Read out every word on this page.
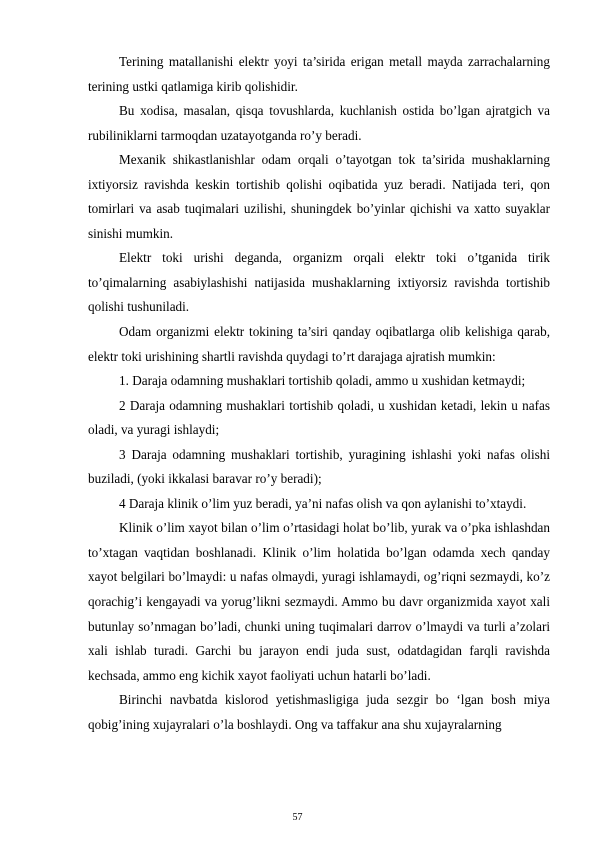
Terining matallanishi elektr yoyi ta’sirida erigan metall mayda zarrachalarning terining ustki qatlamiga kirib qolishidir.

Bu xodisa, masalan, qisqa tovushlarda, kuchlanish ostida bo’lgan ajratgich va rubiliniklarni tarmoqdan uzatayotganda ro’y beradi.

Mexanik shikastlanishlar odam orqali o’tayotgan tok ta’sirida mushaklarning ixtiyorsiz ravishda keskin tortishib qolishi oqibatida yuz beradi. Natijada teri, qon tomirlari va asab tuqimalari uzilishi, shuningdek bo’yinlar qichishi va xatto suyaklar sinishi mumkin.

Elektr toki urishi deganda, organizm orqali elektr toki o’tganida tirik to’qimalarning asabiylashishi natijasida mushaklarning ixtiyorsiz ravishda tortishib qolishi tushuniladi.

Odam organizmi elektr tokining ta’siri qanday oqibatlarga olib kelishiga qarab, elektr toki urishining shartli ravishda quydagi to’rt darajaga ajratish mumkin:

1. Daraja odamning mushaklari tortishib qoladi, ammo u xushidan ketmaydi;

2 Daraja odamning mushaklari tortishib qoladi, u xushidan ketadi, lekin u nafas oladi, va yuragi ishlaydi;

3 Daraja odamning mushaklari tortishib, yuragining ishlashi yoki nafas olishi buziladi, (yoki ikkalasi baravar ro’y beradi);

4 Daraja klinik o’lim yuz beradi, ya’ni nafas olish va qon aylanishi to’xtaydi.

Klinik o’lim xayot bilan o’lim o’rtasidagi holat bo’lib, yurak va o’pka ishlashdan to’xtagan vaqtidan boshlanadi. Klinik o’lim holatida bo’lgan odamda xech qanday xayot belgilari bo’lmaydi: u nafas olmaydi, yuragi ishlamaydi, og’riqni sezmaydi, ko’z qorachig’i kengayadi va yorug’likni sezmaydi. Ammo bu davr organizmida xayot xali butunlay so’nmagan bo’ladi, chunki uning tuqimalari darrov o’lmaydi va turli a’zolari xali ishlab turadi. Garchi bu jarayon endi juda sust, odatdagidan farqli ravishda kechsada, ammo eng kichik xayot faoliyati uchun hatarli bo’ladi.

Birinchi navbatda kislorod yetishmasligiga juda sezgir bo ‘lgan bosh miya qobig’ining xujayralari o’la boshlaydi. Ong va taffakur ana shu xujayralarning

57
